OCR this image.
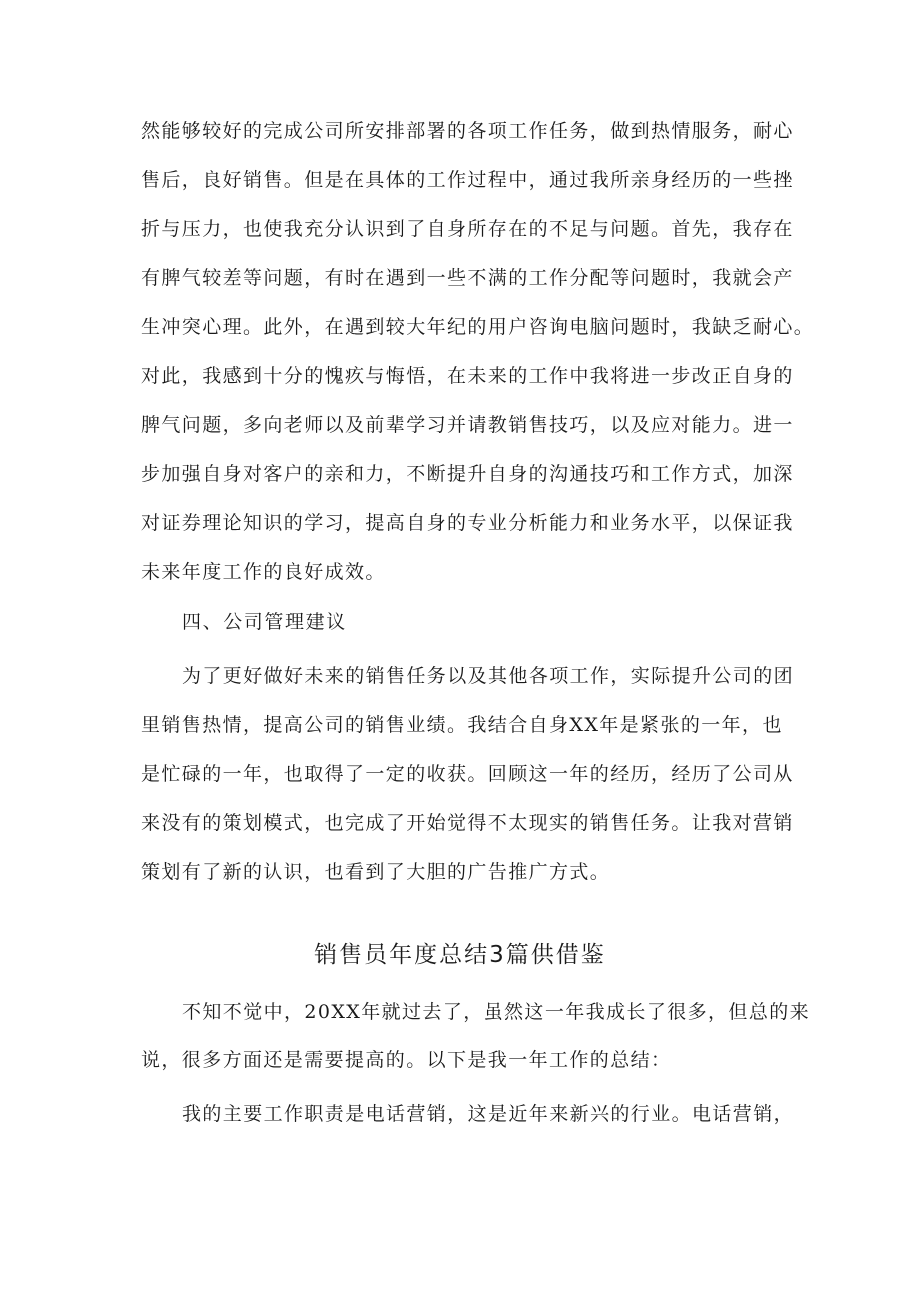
然能够较好的完成公司所安排部署的各项工作任务，做到热情服务，耐心
售后，良好销售。但是在具体的工作过程中，通过我所亲身经历的一些挫
折与压力，也使我充分认识到了自身所存在的不足与问题。首先，我存在
有脾气较差等问题，有时在遇到一些不满的工作分配等问题时，我就会产
生冲突心理。此外，在遇到较大年纪的用户咨询电脑问题时，我缺乏耐心。
对此，我感到十分的愧疚与悔悟，在未来的工作中我将进一步改正自身的
脾气问题，多向老师以及前辈学习并请教销售技巧，以及应对能力。进一
步加强自身对客户的亲和力，不断提升自身的沟通技巧和工作方式，加深
对证券理论知识的学习，提高自身的专业分析能力和业务水平，以保证我
未来年度工作的良好成效。
四、公司管理建议
为了更好做好未来的销售任务以及其他各项工作，实际提升公司的团
里销售热情，提高公司的销售业绩。我结合自身XX年是紧张的一年，也
是忙碌的一年，也取得了一定的收获。回顾这一年的经历，经历了公司从
来没有的策划模式，也完成了开始觉得不太现实的销售任务。让我对营销
策划有了新的认识，也看到了大胆的广告推广方式。
销售员年度总结3篇供借鉴
不知不觉中，20XX年就过去了，虽然这一年我成长了很多，但总的来
说，很多方面还是需要提高的。以下是我一年工作的总结：
我的主要工作职责是电话营销，这是近年来新兴的行业。电话营销，
